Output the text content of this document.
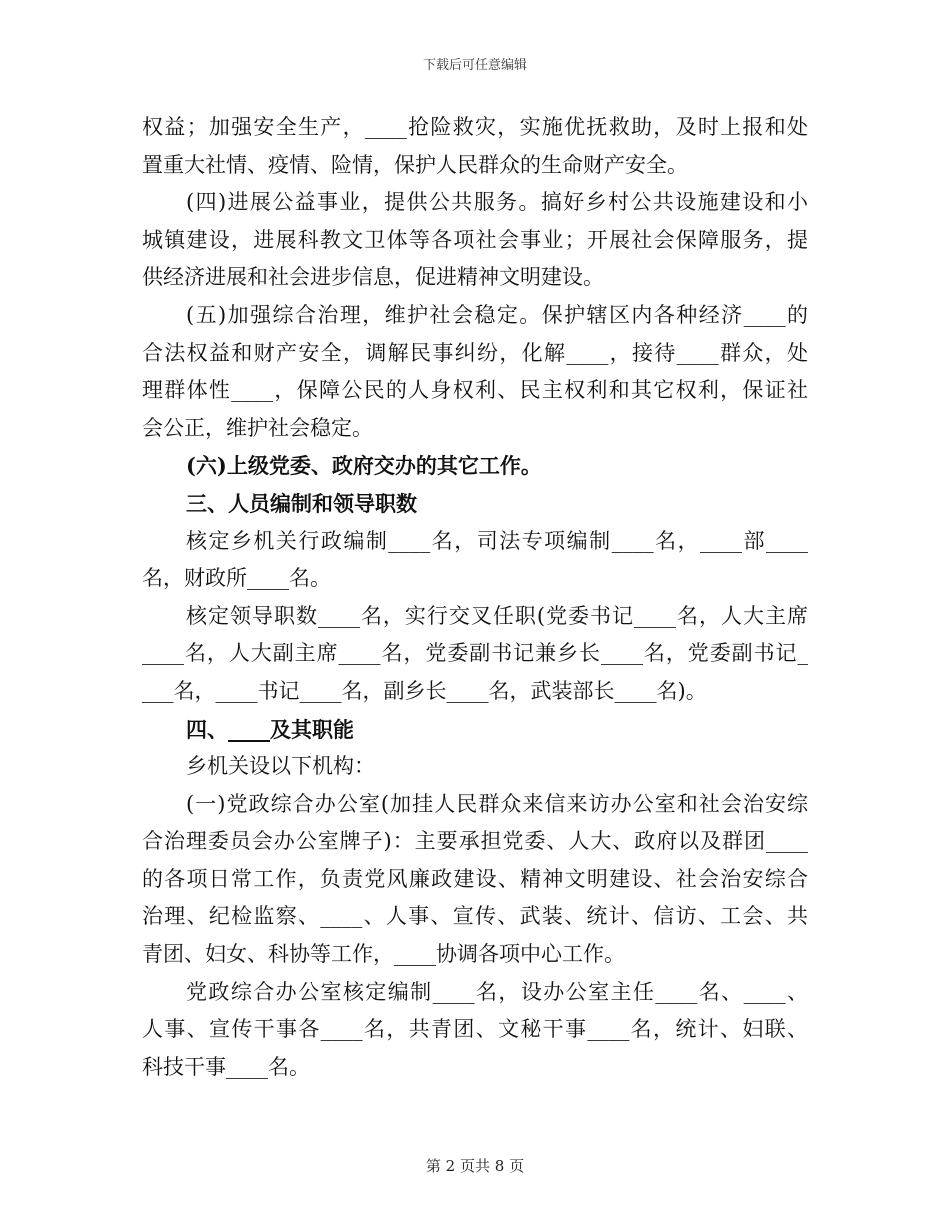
下载后可任意编辑
权益；加强安全生产，____抢险救灾，实施优抚救助，及时上报和处
置重大社情、疫情、险情，保护人民群众的生命财产安全。
(四)进展公益事业，提供公共服务。搞好乡村公共设施建设和小
城镇建设，进展科教文卫体等各项社会事业；开展社会保障服务，提
供经济进展和社会进步信息，促进精神文明建设。
(五)加强综合治理，维护社会稳定。保护辖区内各种经济____的
合法权益和财产安全，调解民事纠纷，化解____，接待____群众，处
理群体性____，保障公民的人身权利、民主权利和其它权利，保证社
会公正，维护社会稳定。
(六)上级党委、政府交办的其它工作。
三、人员编制和领导职数
核定乡机关行政编制____名，司法专项编制____名，____部____
名，财政所____名。
核定领导职数____名，实行交叉任职(党委书记____名，人大主席
____名，人大副主席____名，党委副书记兼乡长____名，党委副书记_
___名，____书记____名，副乡长____名，武装部长____名)。
四、____及其职能
乡机关设以下机构：
(一)党政综合办公室(加挂人民群众来信来访办公室和社会治安综
合治理委员会办公室牌子)：主要承担党委、人大、政府以及群团____
的各项日常工作，负责党风廉政建设、精神文明建设、社会治安综合
治理、纪检监察、____、人事、宣传、武装、统计、信访、工会、共
青团、妇女、科协等工作，____协调各项中心工作。
党政综合办公室核定编制____名，设办公室主任____名、____、
人事、宣传干事各____名，共青团、文秘干事____名，统计、妇联、
科技干事____名。
第 2 页共 8 页
